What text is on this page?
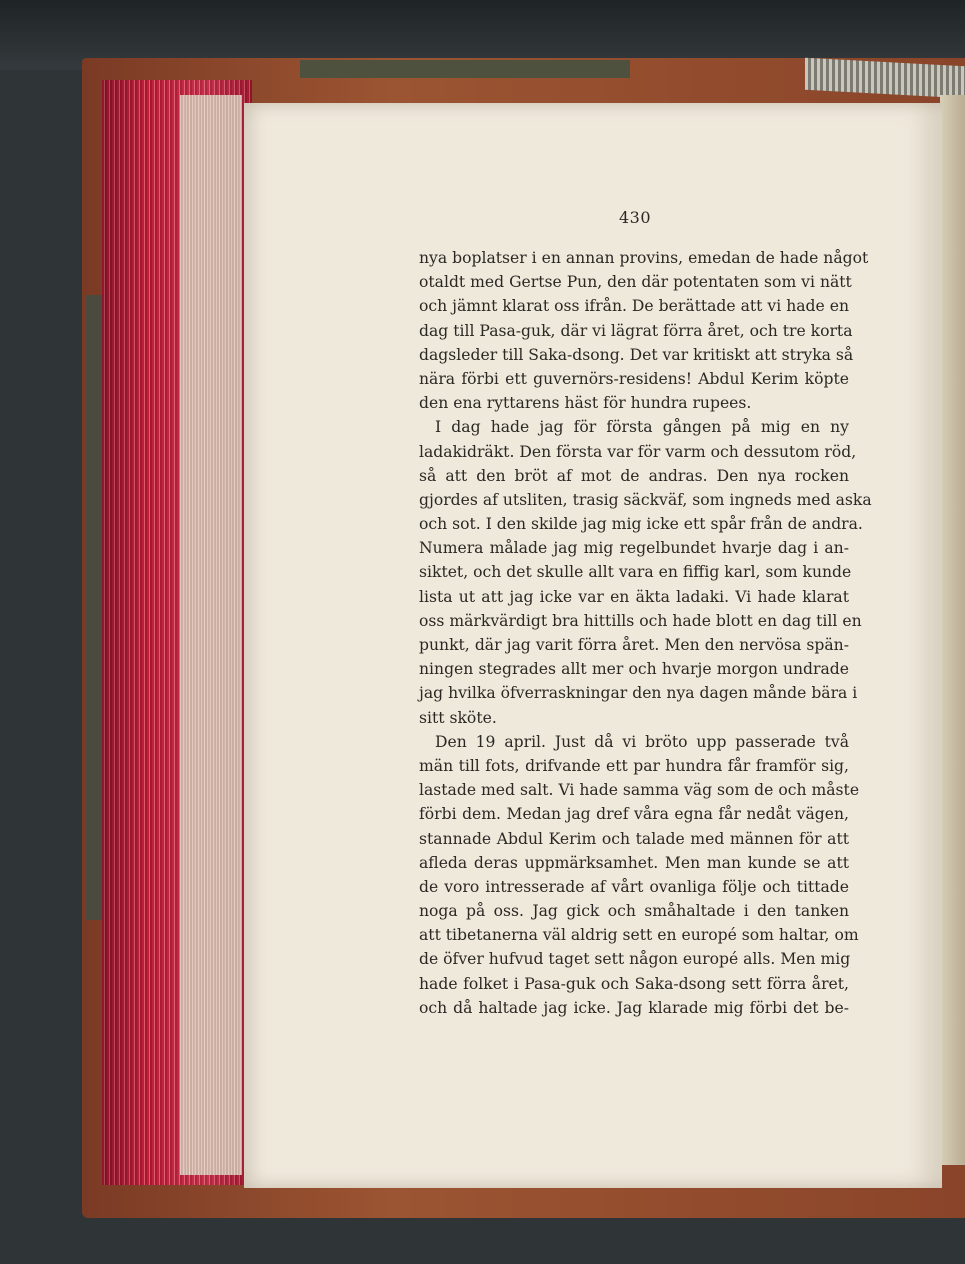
430
nya boplatser i en annan provins, emedan de hade något
otaldt med Gertse Pun, den där potentaten som vi nätt
och jämnt klarat oss ifrån. De berättade att vi hade en
dag till Pasa-guk, där vi lägrat förra året, och tre korta
dagsleder till Saka-dsong. Det var kritiskt att stryka så
nära förbi ett guvernörs-residens! Abdul Kerim köpte
den ena ryttarens häst för hundra rupees.
I dag hade jag för första gången på mig en ny
ladakidräkt. Den första var för varm och dessutom röd,
så att den bröt af mot de andras. Den nya rocken
gjordes af utsliten, trasig säckväf, som ingneds med aska
och sot. I den skilde jag mig icke ett spår från de andra.
Numera målade jag mig regelbundet hvarje dag i an-
siktet, och det skulle allt vara en fiffig karl, som kunde
lista ut att jag icke var en äkta ladaki. Vi hade klarat
oss märkvärdigt bra hittills och hade blott en dag till en
punkt, där jag varit förra året. Men den nervösa spän-
ningen stegrades allt mer och hvarje morgon undrade
jag hvilka öfverraskningar den nya dagen månde bära i
sitt sköte.
Den 19 april. Just då vi bröto upp passerade två
män till fots, drifvande ett par hundra får framför sig,
lastade med salt. Vi hade samma väg som de och måste
förbi dem. Medan jag dref våra egna får nedåt vägen,
stannade Abdul Kerim och talade med männen för att
afleda deras uppmärksamhet. Men man kunde se att
de voro intresserade af vårt ovanliga följe och tittade
noga på oss. Jag gick och småhaltade i den tanken
att tibetanerna väl aldrig sett en europé som haltar, om
de öfver hufvud taget sett någon europé alls. Men mig
hade folket i Pasa-guk och Saka-dsong sett förra året,
och då haltade jag icke. Jag klarade mig förbi det be-
